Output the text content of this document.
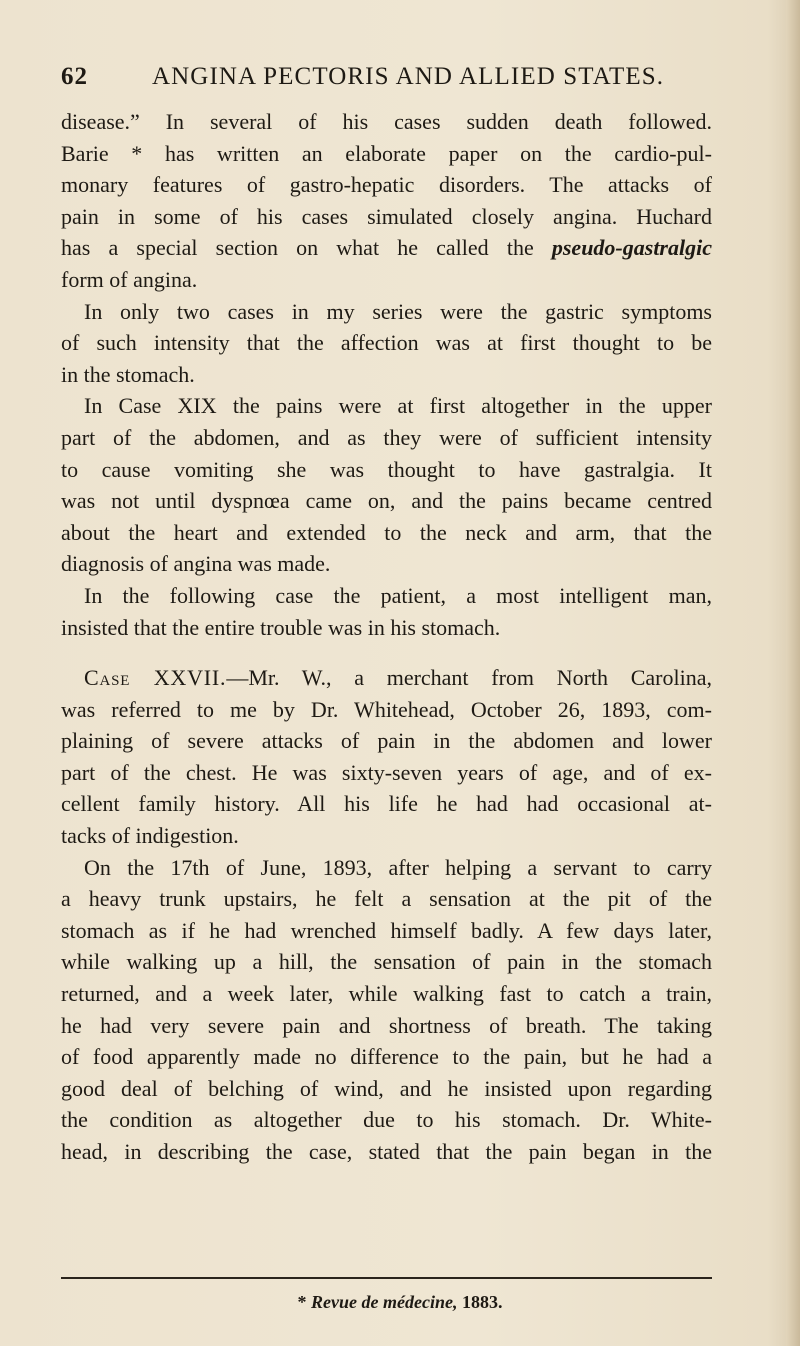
62	ANGINA PECTORIS AND ALLIED STATES.
disease.” In several of his cases sudden death followed.
Barie * has written an elaborate paper on the cardio-pul-
monary features of gastro-hepatic disorders. The attacks of
pain in some of his cases simulated closely angina. Huchard
has a special section on what he called the pseudo-gastralgic
form of angina.
In only two cases in my series were the gastric symptoms
of such intensity that the affection was at first thought to be
in the stomach.
In Case XIX the pains were at first altogether in the upper
part of the abdomen, and as they were of sufficient intensity
to cause vomiting she was thought to have gastralgia. It
was not until dyspnœa came on, and the pains became centred
about the heart and extended to the neck and arm, that the
diagnosis of angina was made.
In the following case the patient, a most intelligent man,
insisted that the entire trouble was in his stomach.
Case XXVII.—Mr. W., a merchant from North Carolina,
was referred to me by Dr. Whitehead, October 26, 1893, com-
plaining of severe attacks of pain in the abdomen and lower
part of the chest. He was sixty-seven years of age, and of ex-
cellent family history. All his life he had had occasional at-
tacks of indigestion.
On the 17th of June, 1893, after helping a servant to carry
a heavy trunk upstairs, he felt a sensation at the pit of the
stomach as if he had wrenched himself badly. A few days later,
while walking up a hill, the sensation of pain in the stomach
returned, and a week later, while walking fast to catch a train,
he had very severe pain and shortness of breath. The taking
of food apparently made no difference to the pain, but he had a
good deal of belching of wind, and he insisted upon regarding
the condition as altogether due to his stomach. Dr. White-
head, in describing the case, stated that the pain began in the
* Revue de médecine, 1883.
